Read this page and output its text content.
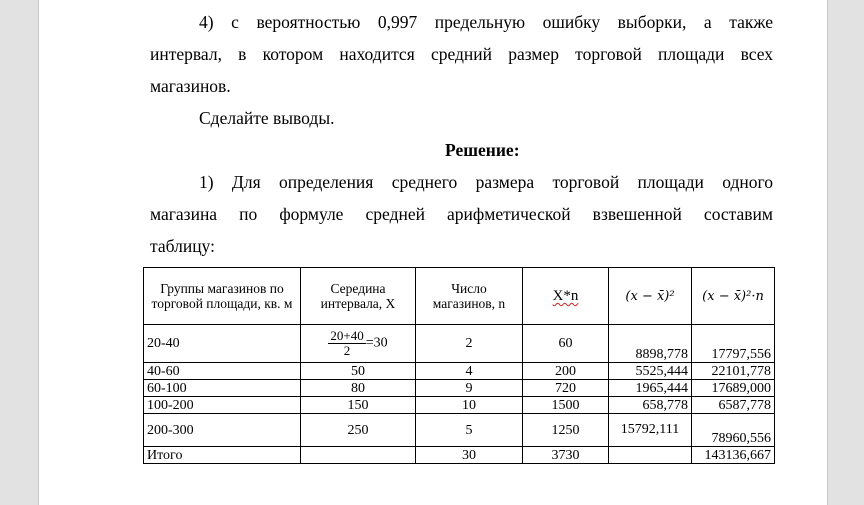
4) с вероятностью 0,997 предельную ошибку выборки, а также
интервал, в котором находится средний размер торговой площади всех
магазинов.
Сделайте выводы.
Решение:
1) Для определения среднего размера торговой площади одного
магазина по формуле средней арифметической взвешенной составим
таблицу:
Группы магазинов по торговой площади, кв. м	Середина интервала, X	Число магазинов, n	X*n	(x − x̄)²	(x − x̄)²·n
20-40	$\frac{20+40}{2} =30$	2	60	8898,778	17797,556
40-60	50	4	200	5525,444	22101,778
60-100	80	9	720	1965,444	17689,000
100-200	150	10	1500	658,778	6587,778
200-300	250	5	1250	15792,111	78960,556
Итого		30	3730		143136,667
